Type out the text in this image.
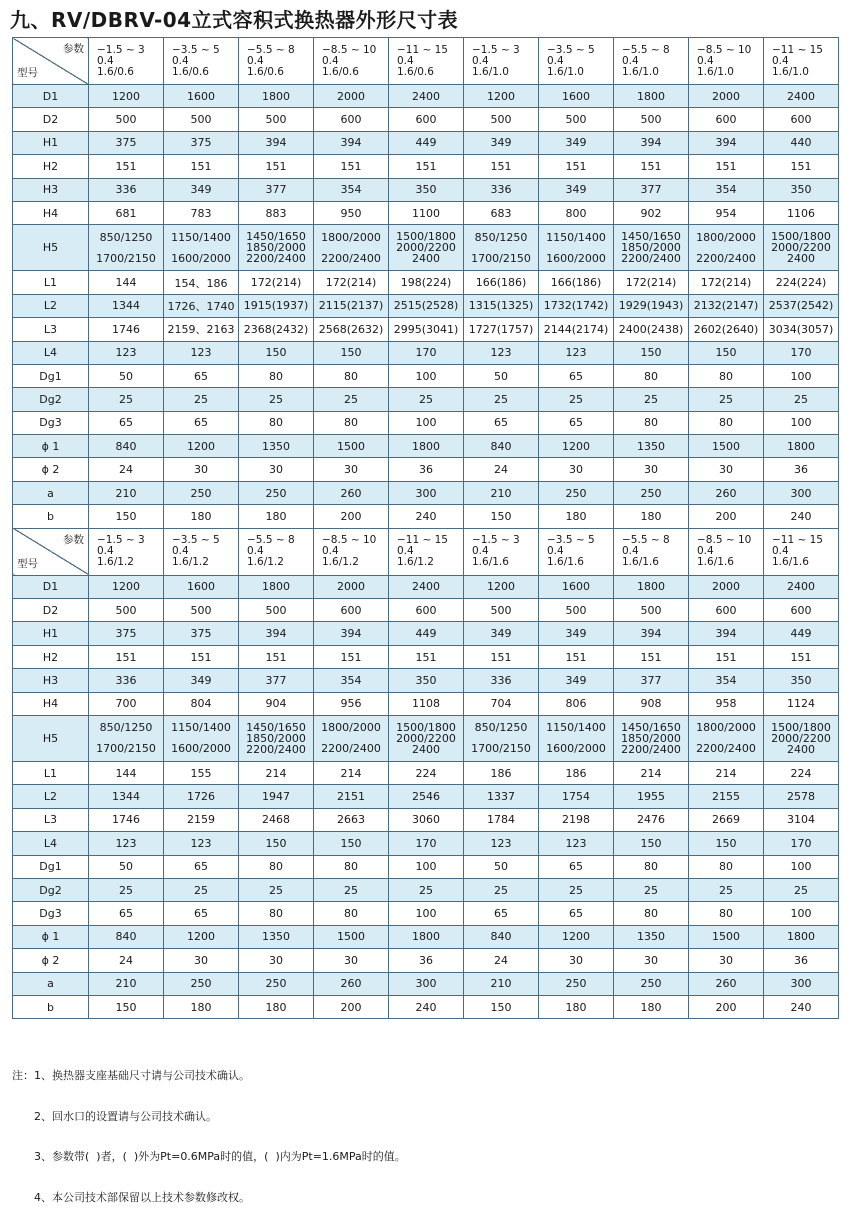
九、RV/DBRV-04立式容积式换热器外形尺寸表
参数
型号	−1.5 ~ 3
0.4
1.6/0.6	−3.5 ~ 5
0.4
1.6/0.6	−5.5 ~ 8
0.4
1.6/0.6	−8.5 ~ 10
0.4
1.6/0.6	−11 ~ 15
0.4
1.6/0.6	−1.5 ~ 3
0.4
1.6/1.0	−3.5 ~ 5
0.4
1.6/1.0	−5.5 ~ 8
0.4
1.6/1.0	−8.5 ~ 10
0.4
1.6/1.0	−11 ~ 15
0.4
1.6/1.0
D1	1200	1600	1800	2000	2400	1200	1600	1800	2000	2400
D2	500	500	500	600	600	500	500	500	600	600
H1	375	375	394	394	449	349	349	394	394	440
H2	151	151	151	151	151	151	151	151	151	151
H3	336	349	377	354	350	336	349	377	354	350
H4	681	783	883	950	1100	683	800	902	954	1106
H5	850/1250
1700/2150	1150/1400
1600/2000	1450/1650
1850/2000
2200/2400	1800/2000
2200/2400	1500/1800
2000/2200
2400	850/1250
1700/2150	1150/1400
1600/2000	1450/1650
1850/2000
2200/2400	1800/2000
2200/2400	1500/1800
2000/2200
2400

L1	144	154、186	172(214)	172(214)	198(224)	166(186)	166(186)	172(214)	172(214)	224(224)
L2	1344	1726、1740	1915(1937)	2115(2137)	2515(2528)	1315(1325)	1732(1742)	1929(1943)	2132(2147)	2537(2542)
L3	1746	2159、2163	2368(2432)	2568(2632)	2995(3041)	1727(1757)	2144(2174)	2400(2438)	2602(2640)	3034(3057)
L4	123	123	150	150	170	123	123	150	150	170
Dg1	50	65	80	80	100	50	65	80	80	100
Dg2	25	25	25	25	25	25	25	25	25	25
Dg3	65	65	80	80	100	65	65	80	80	100
ϕ 1	840	1200	1350	1500	1800	840	1200	1350	1500	1800
ϕ 2	24	30	30	30	36	24	30	30	30	36
a	210	250	250	260	300	210	250	250	260	300
b	150	180	180	200	240	150	180	180	200	240

参数
型号	−1.5 ~ 3
0.4
1.6/1.2	−3.5 ~ 5
0.4
1.6/1.2	−5.5 ~ 8
0.4
1.6/1.2	−8.5 ~ 10
0.4
1.6/1.2	−11 ~ 15
0.4
1.6/1.2	−1.5 ~ 3
0.4
1.6/1.6	−3.5 ~ 5
0.4
1.6/1.6	−5.5 ~ 8
0.4
1.6/1.6	−8.5 ~ 10
0.4
1.6/1.6	−11 ~ 15
0.4
1.6/1.6
D1	1200	1600	1800	2000	2400	1200	1600	1800	2000	2400
D2	500	500	500	600	600	500	500	500	600	600
H1	375	375	394	394	449	349	349	394	394	449
H2	151	151	151	151	151	151	151	151	151	151
H3	336	349	377	354	350	336	349	377	354	350
H4	700	804	904	956	1108	704	806	908	958	1124
H5	850/1250
1700/2150	1150/1400
1600/2000	1450/1650
1850/2000
2200/2400	1800/2000
2200/2400	1500/1800
2000/2200
2400	850/1250
1700/2150	1150/1400
1600/2000	1450/1650
1850/2000
2200/2400	1800/2000
2200/2400	1500/1800
2000/2200
2400

L1	144	155	214	214	224	186	186	214	214	224
L2	1344	1726	1947	2151	2546	1337	1754	1955	2155	2578
L3	1746	2159	2468	2663	3060	1784	2198	2476	2669	3104
L4	123	123	150	150	170	123	123	150	150	170
Dg1	50	65	80	80	100	50	65	80	80	100
Dg2	25	25	25	25	25	25	25	25	25	25
Dg3	65	65	80	80	100	65	65	80	80	100
ϕ 1	840	1200	1350	1500	1800	840	1200	1350	1500	1800
ϕ 2	24	30	30	30	36	24	30	30	30	36
a	210	250	250	260	300	210	250	250	260	300
b	150	180	180	200	240	150	180	180	200	240

注：1、换热器支座基础尺寸请与公司技术确认。

　　2、回水口的设置请与公司技术确认。

　　3、参数带(  )者，(  )外为Pt=0.6MPa时的值，(  )内为Pt=1.6MPa时的值。

　　4、本公司技术部保留以上技术参数修改权。
